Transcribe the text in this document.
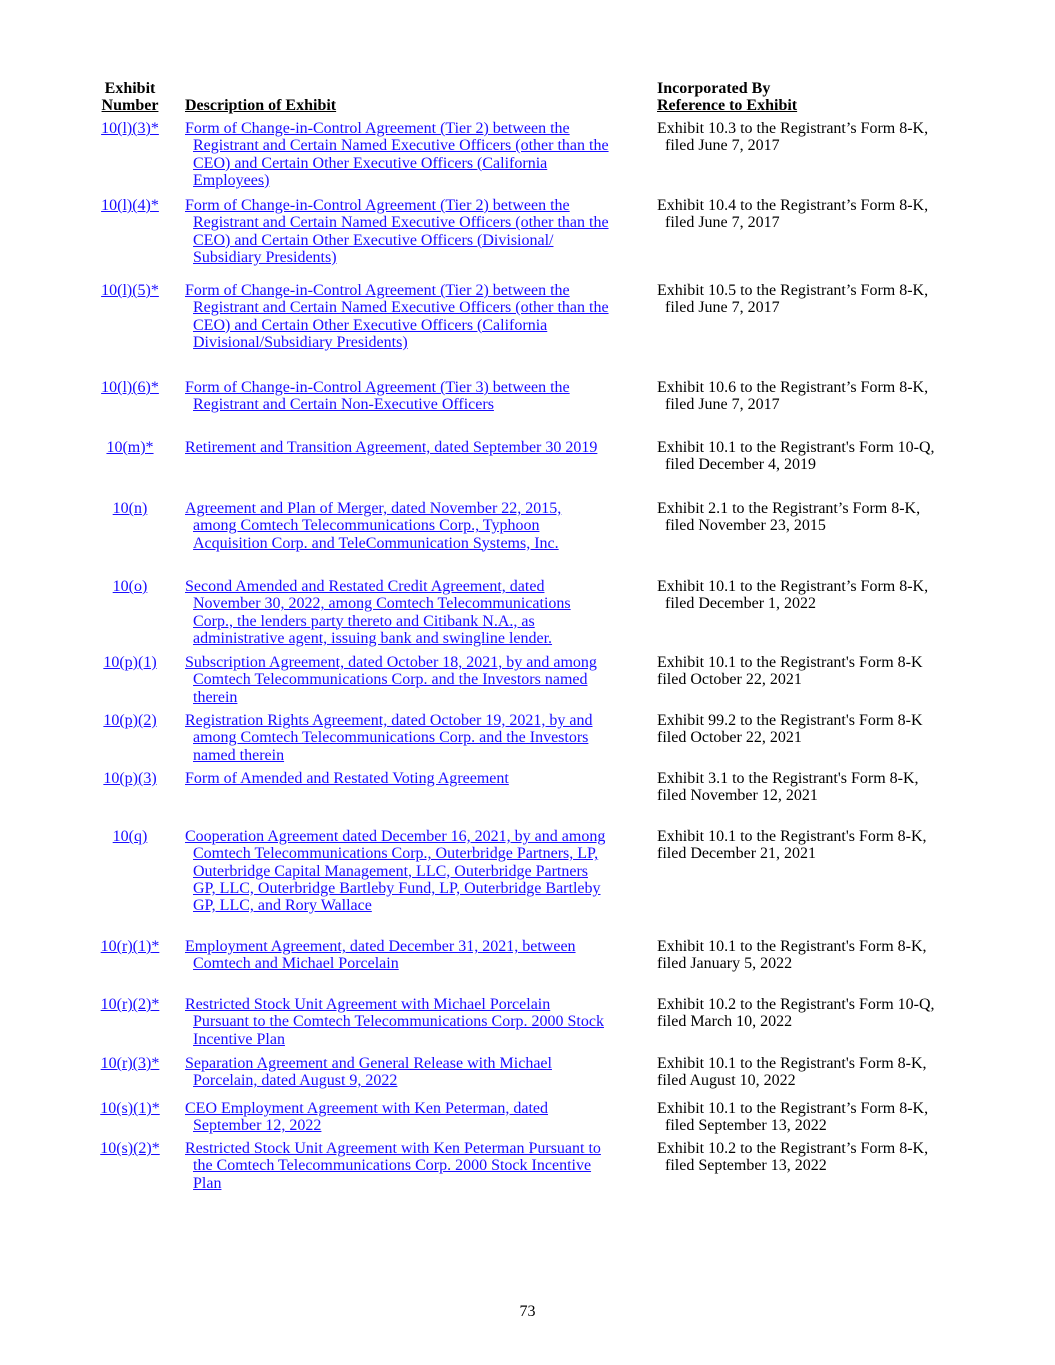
Exhibit
Number Description of Exhibit
Incorporated By
Reference to Exhibit
10(l)(3)* Form of Change-in-Control Agreement (Tier 2) between the
Registrant and Certain Named Executive Officers (other than the
CEO) and Certain Other Executive Officers (California
Employees)
Exhibit 10.3 to the Registrant’s Form 8-K,
filed June 7, 2017
10(l)(4)* Form of Change-in-Control Agreement (Tier 2) between the
Registrant and Certain Named Executive Officers (other than the
CEO) and Certain Other Executive Officers (Divisional/
Subsidiary Presidents)
Exhibit 10.4 to the Registrant’s Form 8-K,
filed June 7, 2017
10(l)(5)* Form of Change-in-Control Agreement (Tier 2) between the
Registrant and Certain Named Executive Officers (other than the
CEO) and Certain Other Executive Officers (California
Divisional/Subsidiary Presidents)
Exhibit 10.5 to the Registrant’s Form 8-K,
filed June 7, 2017
10(l)(6)* Form of Change-in-Control Agreement (Tier 3) between the
Registrant and Certain Non-Executive Officers
Exhibit 10.6 to the Registrant’s Form 8-K,
filed June 7, 2017
10(m)*	Retirement and Transition Agreement, dated September 30 2019	Exhibit 10.1 to the Registrant's Form 10-Q,
filed December 4, 2019
10(n)	Agreement and Plan of Merger, dated November 22, 2015,
among Comtech Telecommunications Corp., Typhoon
Acquisition Corp. and TeleCommunication Systems, Inc.
Exhibit 2.1 to the Registrant’s Form 8-K,
filed November 23, 2015
10(o)	Second Amended and Restated Credit Agreement, dated
November 30, 2022, among Comtech Telecommunications
Corp., the lenders party thereto and Citibank N.A., as
administrative agent, issuing bank and swingline lender.
Exhibit 10.1 to the Registrant’s Form 8-K,
filed December 1, 2022
10(p)(1)	Subscription Agreement, dated October 18, 2021, by and among
Comtech Telecommunications Corp. and the Investors named
therein
Exhibit 10.1 to the Registrant's Form 8-K
filed October 22, 2021
10(p)(2)	Registration Rights Agreement, dated October 19, 2021, by and
among Comtech Telecommunications Corp. and the Investors
named therein
Exhibit 99.2 to the Registrant's Form 8-K
filed October 22, 2021
10(p)(3)	Form of Amended and Restated Voting Agreement	Exhibit 3.1 to the Registrant's Form 8-K,
filed November 12, 2021
10(q)	Cooperation Agreement dated December 16, 2021, by and among
Comtech Telecommunications Corp., Outerbridge Partners, LP,
Outerbridge Capital Management, LLC, Outerbridge Partners
GP, LLC, Outerbridge Bartleby Fund, LP, Outerbridge Bartleby
GP, LLC, and Rory Wallace
Exhibit 10.1 to the Registrant's Form 8-K,
filed December 21, 2021
10(r)(1)* Employment Agreement, dated December 31, 2021, between
Comtech and Michael Porcelain
Exhibit 10.1 to the Registrant's Form 8-K,
filed January 5, 2022
10(r)(2)* Restricted Stock Unit Agreement with Michael Porcelain
Pursuant to the Comtech Telecommunications Corp. 2000 Stock
Incentive Plan
Exhibit 10.2 to the Registrant's Form 10-Q,
filed March 10, 2022
10(r)(3)* Separation Agreement and General Release with Michael
Porcelain, dated August 9, 2022
Exhibit 10.1 to the Registrant's Form 8-K,
filed August 10, 2022
10(s)(1)* CEO Employment Agreement with Ken Peterman, dated
September 12, 2022
Exhibit 10.1 to the Registrant’s Form 8-K,
filed September 13, 2022
10(s)(2)* Restricted Stock Unit Agreement with Ken Peterman Pursuant to
the Comtech Telecommunications Corp. 2000 Stock Incentive
Plan
Exhibit 10.2 to the Registrant’s Form 8-K,
filed September 13, 2022
73
